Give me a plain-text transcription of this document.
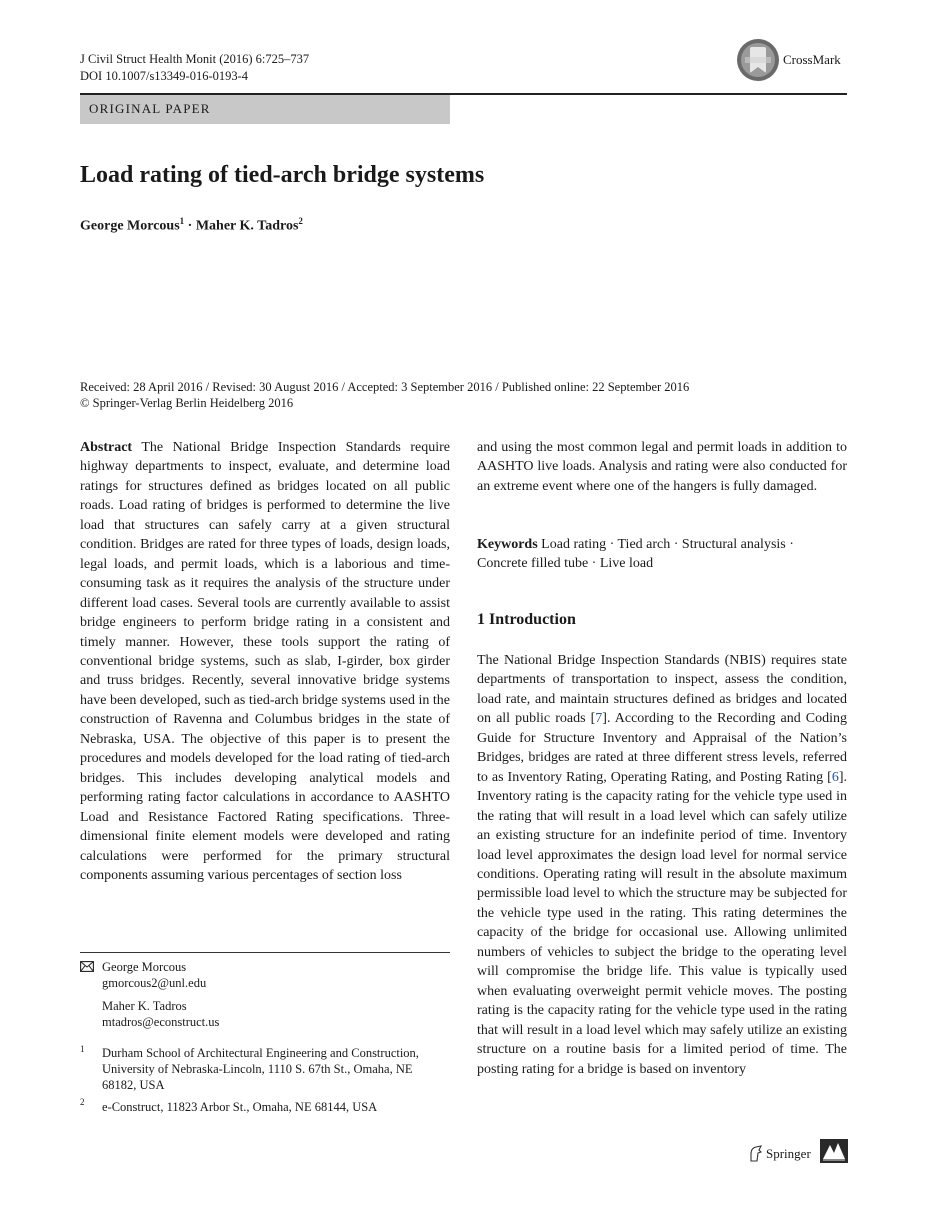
J Civil Struct Health Monit (2016) 6:725–737
DOI 10.1007/s13349-016-0193-4
CrossMark
ORIGINAL PAPER
Load rating of tied-arch bridge systems
George Morcous$^1$ · Maher K. Tadros$^2$
Received: 28 April 2016 / Revised: 30 August 2016 / Accepted: 3 September 2016 / Published online: 22 September 2016
© Springer-Verlag Berlin Heidelberg 2016
Abstract The National Bridge Inspection Standards require highway departments to inspect, evaluate, and determine load ratings for structures defined as bridges located on all public roads. Load rating of bridges is performed to determine the live load that structures can safely carry at a given structural condition. Bridges are rated for three types of loads, design loads, legal loads, and permit loads, which is a laborious and time-consuming task as it requires the analysis of the structure under different load cases. Several tools are currently available to assist bridge engineers to perform bridge rating in a consistent and timely manner. However, these tools support the rating of conventional bridge systems, such as slab, I-girder, box girder and truss bridges. Recently, several innovative bridge systems have been developed, such as tied-arch bridge systems used in the construction of Ravenna and Columbus bridges in the state of Nebraska, USA. The objective of this paper is to present the procedures and models developed for the load rating of tied-arch bridges. This includes developing analytical models and performing rating factor calculations in accordance to AASHTO Load and Resistance Factored Rating specifications. Three-dimensional finite element models were developed and rating calculations were performed for the primary structural components assuming various percentages of section loss
and using the most common legal and permit loads in addition to AASHTO live loads. Analysis and rating were also conducted for an extreme event where one of the hangers is fully damaged.
Keywords Load rating · Tied arch · Structural analysis · Concrete filled tube · Live load
1 Introduction
The National Bridge Inspection Standards (NBIS) requires state departments of transportation to inspect, assess the condition, load rate, and maintain structures defined as bridges and located on all public roads [7]. According to the Recording and Coding Guide for Structure Inventory and Appraisal of the Nation’s Bridges, bridges are rated at three different stress levels, referred to as Inventory Rating, Operating Rating, and Posting Rating [6]. Inventory rating is the capacity rating for the vehicle type used in the rating that will result in a load level which can safely utilize an existing structure for an indefinite period of time. Inventory load level approximates the design load level for normal service conditions. Operating rating will result in the absolute maximum permissible load level to which the structure may be subjected for the vehicle type used in the rating. This rating determines the capacity of the bridge for occasional use. Allowing unlimited numbers of vehicles to subject the bridge to the operating level will compromise the bridge life. This value is typically used when evaluating overweight permit vehicle moves. The posting rating is the capacity rating for the vehicle type used in the rating that will result in a load level which may safely utilize an existing structure on a routine basis for a limited period of time. The posting rating for a bridge is based on inventory
George Morcous
gmorcous2@unl.edu
Maher K. Tadros
mtadros@econstruct.us
1 Durham School of Architectural Engineering and Construction, University of Nebraska-Lincoln, 1110 S. 67th St., Omaha, NE 68182, USA
2 e-Construct, 11823 Arbor St., Omaha, NE 68144, USA
Springer
